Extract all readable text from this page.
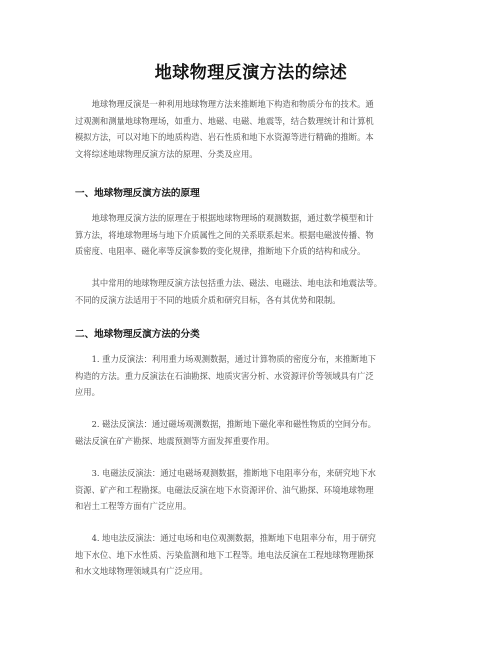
地球物理反演方法的综述

　　地球物理反演是一种利用地球物理方法来推断地下构造和物质分布的技术。通
过观测和测量地球物理场，如重力、地磁、电磁、地震等，结合数理统计和计算机
模拟方法，可以对地下的地质构造、岩石性质和地下水资源等进行精确的推断。本
文将综述地球物理反演方法的原理、分类及应用。

一、地球物理反演方法的原理

　　地球物理反演方法的原理在于根据地球物理场的观测数据，通过数学模型和计
算方法，将地球物理场与地下介质属性之间的关系联系起来。根据电磁波传播、物
质密度、电阻率、磁化率等反演参数的变化规律，推断地下介质的结构和成分。

　　其中常用的地球物理反演方法包括重力法、磁法、电磁法、地电法和地震法等。
不同的反演方法适用于不同的地质介质和研究目标，各有其优势和限制。

二、地球物理反演方法的分类

　　1. 重力反演法：利用重力场观测数据，通过计算物质的密度分布，来推断地下
构造的方法。重力反演法在石油勘探、地质灾害分析、水资源评价等领域具有广泛
应用。

　　2. 磁法反演法：通过磁场观测数据，推断地下磁化率和磁性物质的空间分布。
磁法反演在矿产勘探、地震预测等方面发挥重要作用。

　　3. 电磁法反演法：通过电磁场观测数据，推断地下电阻率分布，来研究地下水
资源、矿产和工程勘探。电磁法反演在地下水资源评价、油气勘探、环境地球物理
和岩土工程等方面有广泛应用。

　　4. 地电法反演法：通过电场和电位观测数据，推断地下电阻率分布，用于研究
地下水位、地下水性质、污染监测和地下工程等。地电法反演在工程地球物理勘探
和水文地球物理领域具有广泛应用。
